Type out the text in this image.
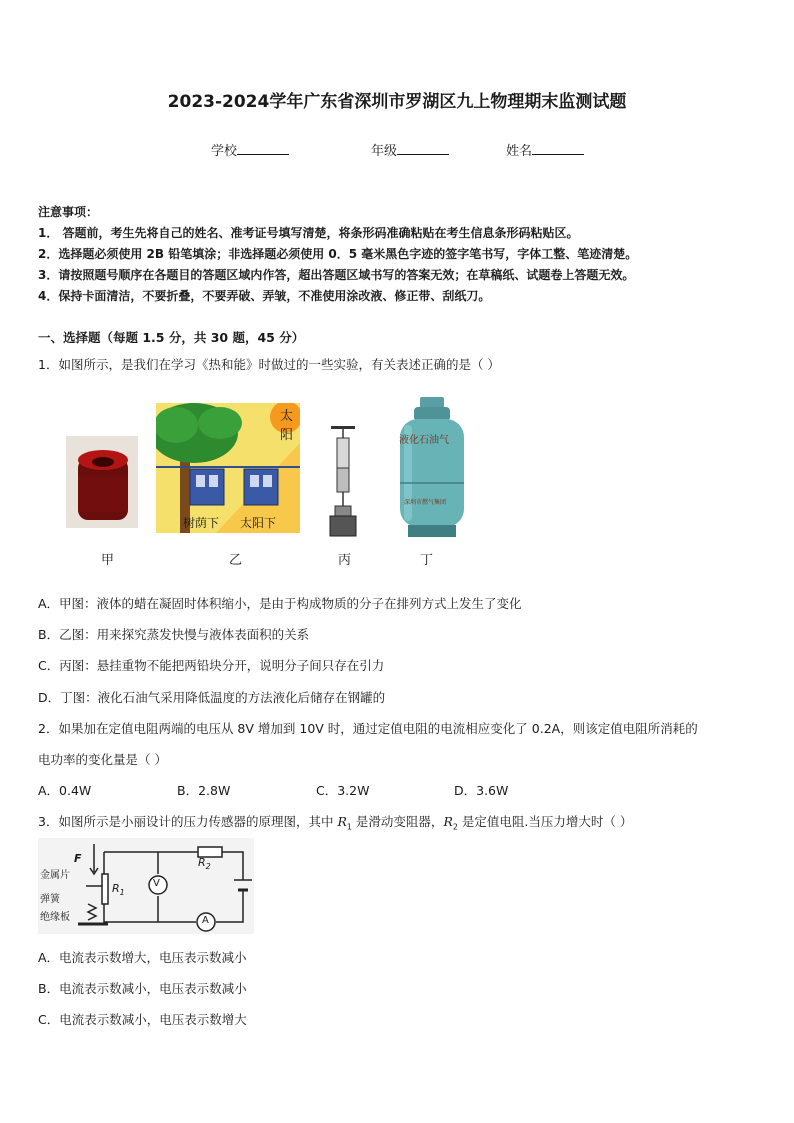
2023-2024学年广东省深圳市罗湖区九上物理期末监测试题
学校	年级	姓名
注意事项：
1． 答题前，考生先将自己的姓名、准考证号填写清楚，将条形码准确粘贴在考生信息条形码粘贴区。
2．选择题必须使用 2B 铅笔填涂；非选择题必须使用 0．5 毫米黑色字迹的签字笔书写，字体工整、笔迹清楚。
3．请按照题号顺序在各题目的答题区域内作答，超出答题区域书写的答案无效；在草稿纸、试题卷上答题无效。
4．保持卡面清洁，不要折叠，不要弄破、弄皱，不准使用涂改液、修正带、刮纸刀。
一、选择题（每题 1.5 分，共 30 题，45 分）
1．如图所示，是我们在学习《热和能》时做过的一些实验，有关表述正确的是（ ）
太阳
树荫下 太阳下
液化石油气
深圳市燃气集团
甲	乙	丙	丁
A．甲图：液体的蜡在凝固时体积缩小，是由于构成物质的分子在排列方式上发生了变化
B．乙图：用来探究蒸发快慢与液体表面积的关系
C．丙图：悬挂重物不能把两铅块分开，说明分子间只存在引力
D．丁图：液化石油气采用降低温度的方法液化后储存在钢罐的
2．如果加在定值电阻两端的电压从 8V 增加到 10V 时，通过定值电阻的电流相应变化了 0.2A，则该定值电阻所消耗的
电功率的变化量是（ ）
A．0.4W	B．2.8W	C．3.2W	D．3.6W
3．如图所示是小丽设计的压力传感器的原理图，其中 $R_1$ 是滑动变阻器，$R_2$ 是定值电阻.当压力增大时（ ）
V
A
F
金属片
弹簧
绝缘板
$R_1$
$R_2$
A．电流表示数增大，电压表示数减小
B．电流表示数减小，电压表示数减小
C．电流表示数减小，电压表示数增大
